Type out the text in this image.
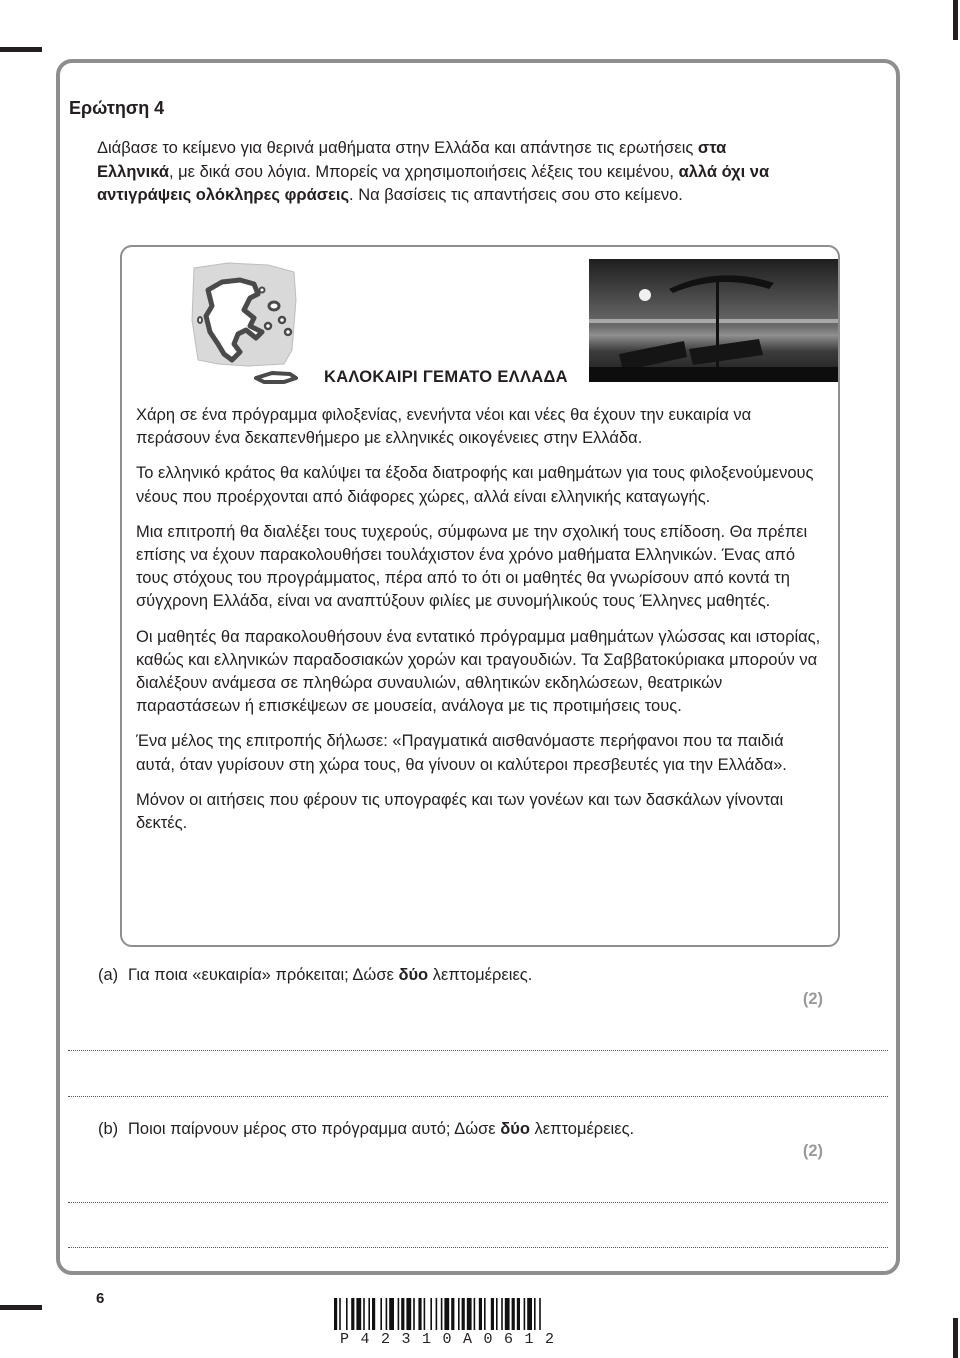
Ερώτηση 4

Διάβασε το κείμενο για θερινά μαθήματα στην Ελλάδα και απάντησε τις ερωτήσεις στα Ελληνικά, με δικά σου λόγια. Μπορείς να χρησιμοποιήσεις λέξεις του κειμένου, αλλά όχι να αντιγράψεις ολόκληρες φράσεις. Να βασίσεις τις απαντήσεις σου στο κείμενο.

ΚΑΛΟΚΑΙΡΙ ΓΕΜΑΤΟ ΕΛΛΑΔΑ

Χάρη σε ένα πρόγραμμα φιλοξενίας, ενενήντα νέοι και νέες θα έχουν την ευκαιρία να περάσουν ένα δεκαπενθήμερο με ελληνικές οικογένειες στην Ελλάδα.

Το ελληνικό κράτος θα καλύψει τα έξοδα διατροφής και μαθημάτων για τους φιλοξενούμενους νέους που προέρχονται από διάφορες χώρες, αλλά είναι ελληνικής καταγωγής.

Μια επιτροπή θα διαλέξει τους τυχερούς, σύμφωνα με την σχολική τους επίδοση. Θα πρέπει επίσης να έχουν παρακολουθήσει τουλάχιστον ένα χρόνο μαθήματα Ελληνικών. Ένας από τους στόχους του προγράμματος, πέρα από το ότι οι μαθητές θα γνωρίσουν από κοντά τη σύγχρονη Ελλάδα, είναι να αναπτύξουν φιλίες με συνομήλικούς τους Έλληνες μαθητές.

Οι μαθητές θα παρακολουθήσουν ένα εντατικό πρόγραμμα μαθημάτων γλώσσας και ιστορίας, καθώς και ελληνικών παραδοσιακών χορών και τραγουδιών. Τα Σαββατοκύριακα μπορούν να διαλέξουν ανάμεσα σε πληθώρα συναυλιών, αθλητικών εκδηλώσεων, θεατρικών παραστάσεων ή επισκέψεων σε μουσεία, ανάλογα με τις προτιμήσεις τους.

Ένα μέλος της επιτροπής δήλωσε: «Πραγματικά αισθανόμαστε περήφανοι που τα παιδιά αυτά, όταν γυρίσουν στη χώρα τους, θα γίνουν οι καλύτεροι πρεσβευτές για την Ελλάδα».

Μόνον οι αιτήσεις που φέρουν τις υπογραφές και των γονέων και των δασκάλων γίνονται δεκτές.

(a) Για ποια «ευκαιρία» πρόκειται; Δώσε δύο λεπτομέρειες.

(2)

(b) Ποιοι παίρνουν μέρος στο πρόγραμμα αυτό; Δώσε δύο λεπτομέρειες.

(2)

6

P42310A0612
